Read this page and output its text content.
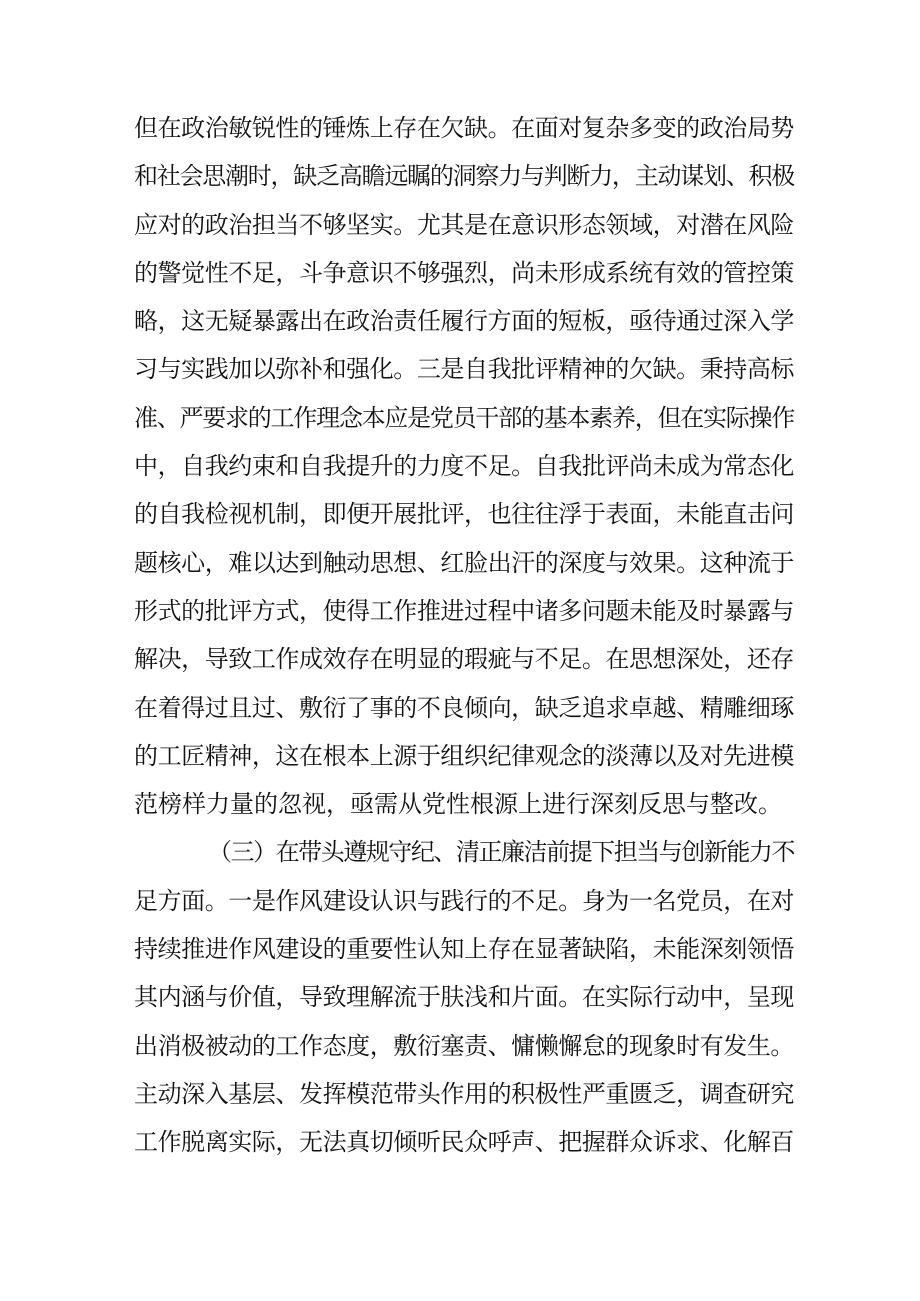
但在政治敏锐性的锤炼上存在欠缺。在面对复杂多变的政治局势
和社会思潮时，缺乏高瞻远瞩的洞察力与判断力，主动谋划、积极
应对的政治担当不够坚实。尤其是在意识形态领域，对潜在风险
的警觉性不足，斗争意识不够强烈，尚未形成系统有效的管控策
略，这无疑暴露出在政治责任履行方面的短板，亟待通过深入学
习与实践加以弥补和强化。三是自我批评精神的欠缺。秉持高标
准、严要求的工作理念本应是党员干部的基本素养，但在实际操作
中，自我约束和自我提升的力度不足。自我批评尚未成为常态化
的自我检视机制，即便开展批评，也往往浮于表面，未能直击问
题核心，难以达到触动思想、红脸出汗的深度与效果。这种流于
形式的批评方式，使得工作推进过程中诸多问题未能及时暴露与
解决，导致工作成效存在明显的瑕疵与不足。在思想深处，还存
在着得过且过、敷衍了事的不良倾向，缺乏追求卓越、精雕细琢
的工匠精神，这在根本上源于组织纪律观念的淡薄以及对先进模
范榜样力量的忽视，亟需从党性根源上进行深刻反思与整改。
（三）在带头遵规守纪、清正廉洁前提下担当与创新能力不
足方面。一是作风建设认识与践行的不足。身为一名党员，在对
持续推进作风建设的重要性认知上存在显著缺陷，未能深刻领悟
其内涵与价值，导致理解流于肤浅和片面。在实际行动中，呈现
出消极被动的工作态度，敷衍塞责、慵懒懈怠的现象时有发生。
主动深入基层、发挥模范带头作用的积极性严重匮乏，调查研究
工作脱离实际，无法真切倾听民众呼声、把握群众诉求、化解百
